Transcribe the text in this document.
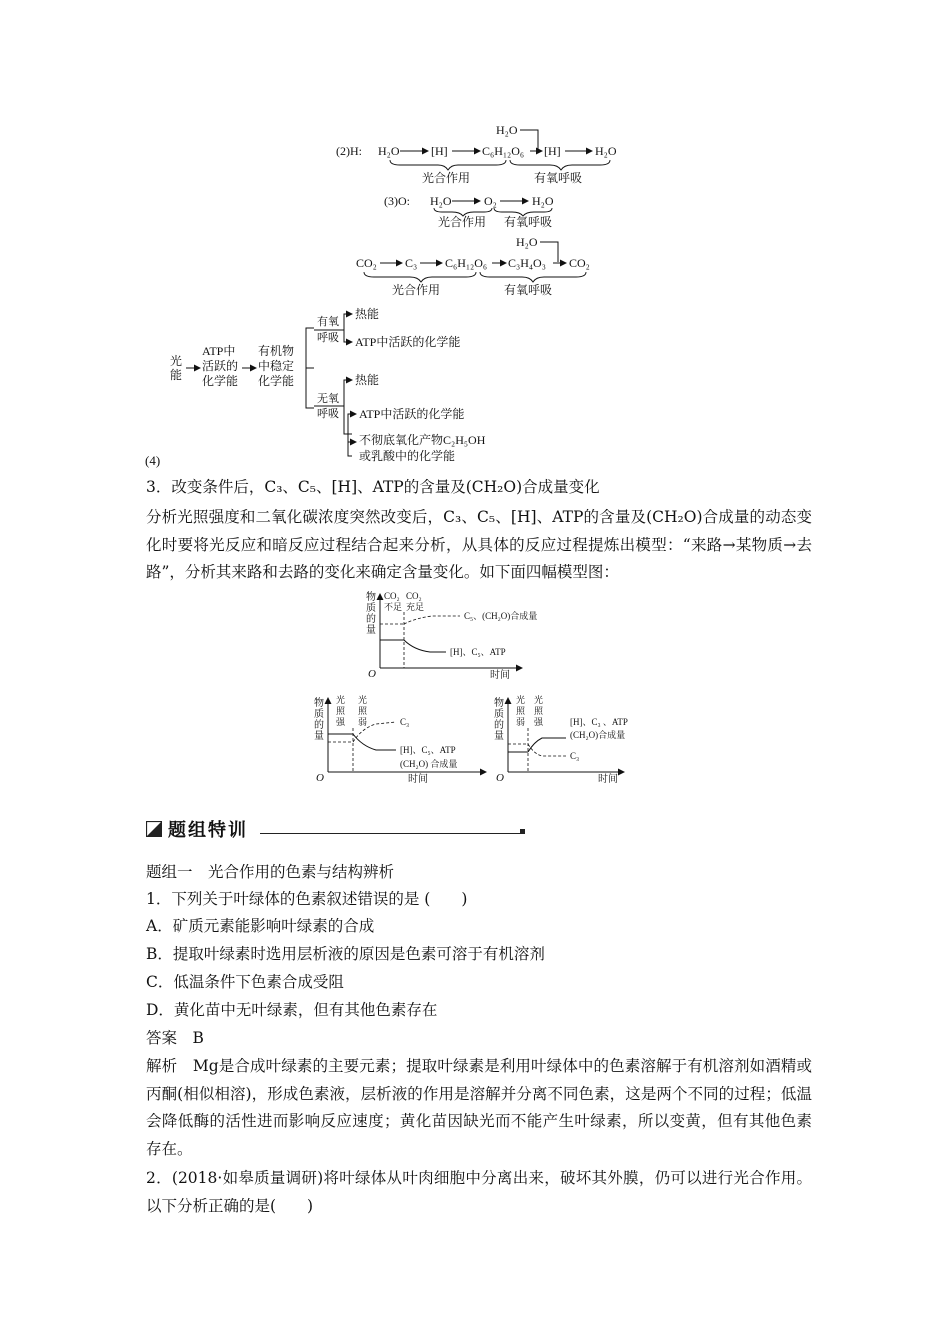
(2)H: H₂O	[H]	C₆H₁₂O₆ [H]	H₂O
H₂O
光合作用	有氧呼吸
(3)O: H₂O	O₂	H₂O
光合作用 有氧呼吸
CO₂ C₃ C₆H₁₂O₆ C₃H₄O₃ CO₂
H₂O
光合作用	有氧呼吸
(4)
光
能
ATP中
活跃的
化学能
有机物
中稳定
化学能
有氧
呼吸
热能
ATP中活跃的化学能
无氧
呼吸
热能
ATP中活跃的化学能
不彻底氧化产物C₂H₅OH
或乳酸中的化学能
3．改变条件后，C₃、C₅、[H]、ATP的含量及(CH₂O)合成量变化
分析光照强度和二氧化碳浓度突然改变后，C₃、C₅、[H]、ATP的含量及(CH₂O)合成量的动态变化时要将光反应和暗反应过程结合起来分析，从具体的反应过程提炼出模型：“来路→某物质→去路”，分析其来路和去路的变化来确定含量变化。如下面四幅模型图：
物
质
的
量
O	时间
CO₂
不足
CO₂
充足
C₅、(CH₂O)合成量
[H]、C₅、ATP
物
质
的
量
O	时间
光
照
强
光
照
弱	C₃
[H]、C₅、ATP
(CH₂O) 合成量
物
质
的
量
O	时间
光
照
弱
光
照
强	[H]、C₃ 、ATP
(CH₂O)合成量
C₃
题组特训
题组一　光合作用的色素与结构辨析
1．下列关于叶绿体的色素叙述错误的是 (　　)
A．矿质元素能影响叶绿素的合成
B．提取叶绿素时选用层析液的原因是色素可溶于有机溶剂
C．低温条件下色素合成受阻
D．黄化苗中无叶绿素，但有其他色素存在
答案　B
解析　Mg是合成叶绿素的主要元素；提取叶绿素是利用叶绿体中的色素溶解于有机溶剂如酒精或丙酮(相似相溶)，形成色素液，层析液的作用是溶解并分离不同色素，这是两个不同的过程；低温会降低酶的活性进而影响反应速度；黄化苗因缺光而不能产生叶绿素，所以变黄，但有其他色素存在。
2．(2018·如皋质量调研)将叶绿体从叶肉细胞中分离出来，破坏其外膜，仍可以进行光合作用。以下分析正确的是(　　)
